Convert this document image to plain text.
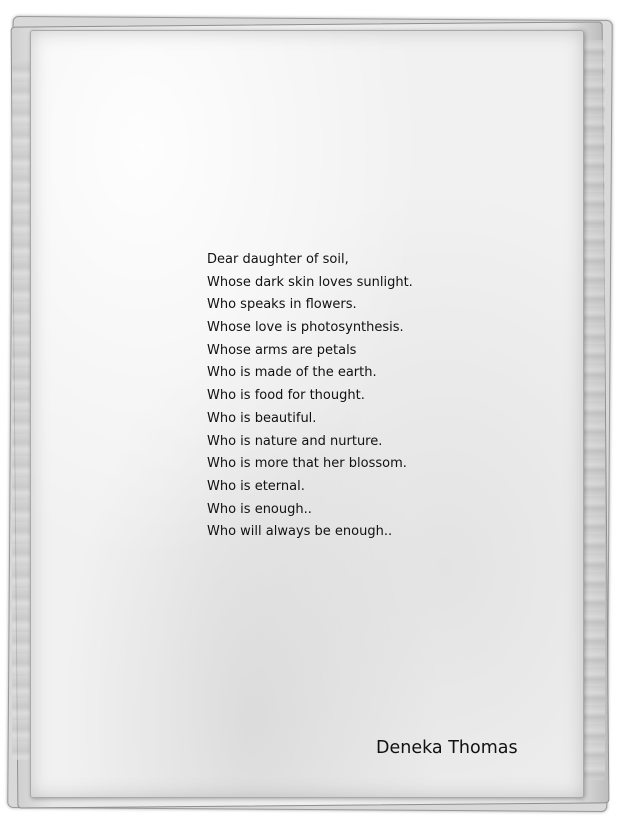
Dear daughter of soil,
Whose dark skin loves sunlight.
Who speaks in flowers.
Whose love is photosynthesis.
Whose arms are petals
Who is made of the earth.
Who is food for thought.
Who is beautiful.
Who is nature and nurture.
Who is more that her blossom.
Who is eternal.
Who is enough..
Who will always be enough..
Deneka Thomas
